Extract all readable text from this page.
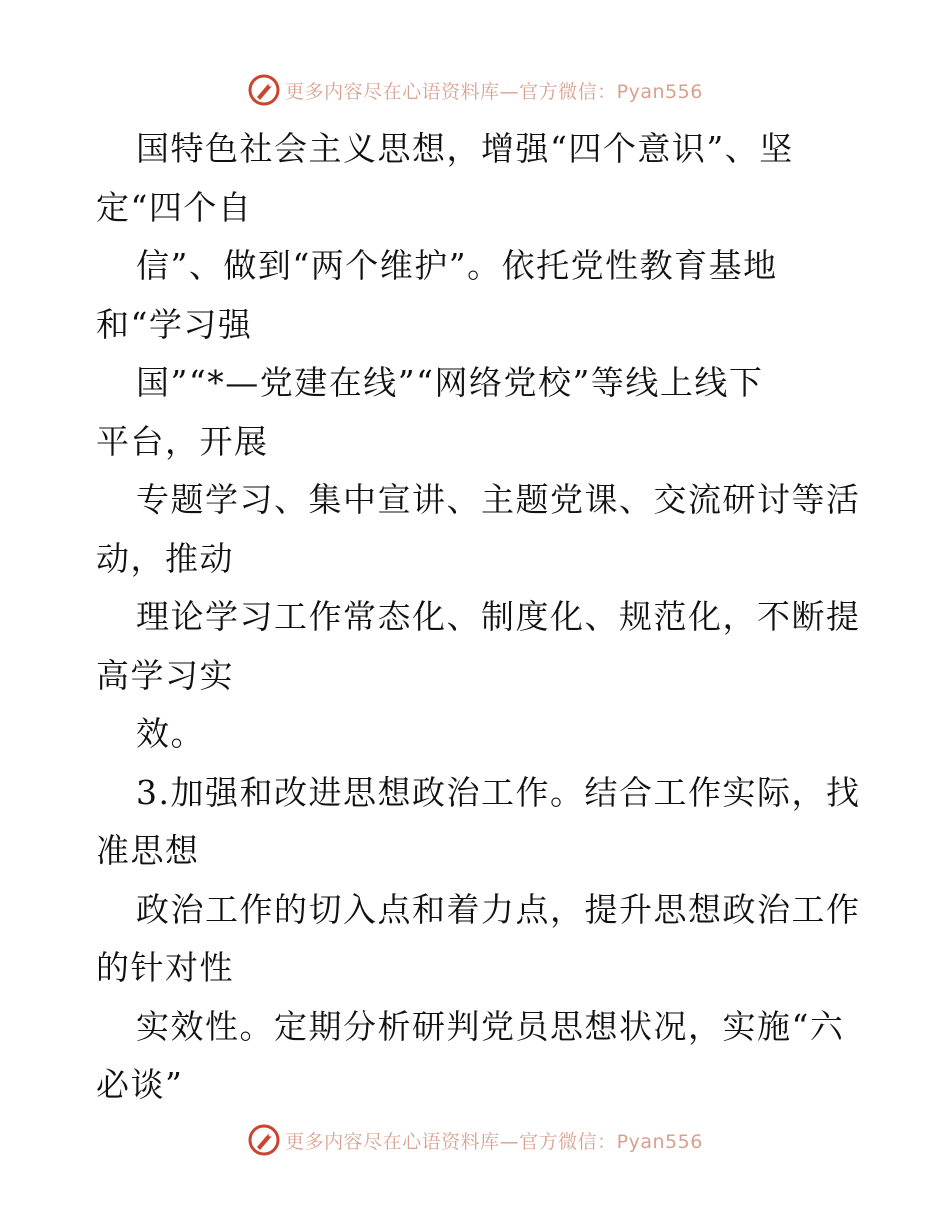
更多内容尽在心语资料库—官方微信：Pyan556
国特色社会主义思想，增强“四个意识”、坚
定“四个自
信”、做到“两个维护”。依托党性教育基地
和“学习强
国”“*—党建在线”“网络党校”等线上线下
平台，开展
专题学习、集中宣讲、主题党课、交流研讨等活
动，推动
理论学习工作常态化、制度化、规范化，不断提
高学习实
效。
3.加强和改进思想政治工作。结合工作实际，找
准思想
政治工作的切入点和着力点，提升思想政治工作
的针对性
实效性。定期分析研判党员思想状况，实施“六
必谈”
更多内容尽在心语资料库—官方微信：Pyan556
